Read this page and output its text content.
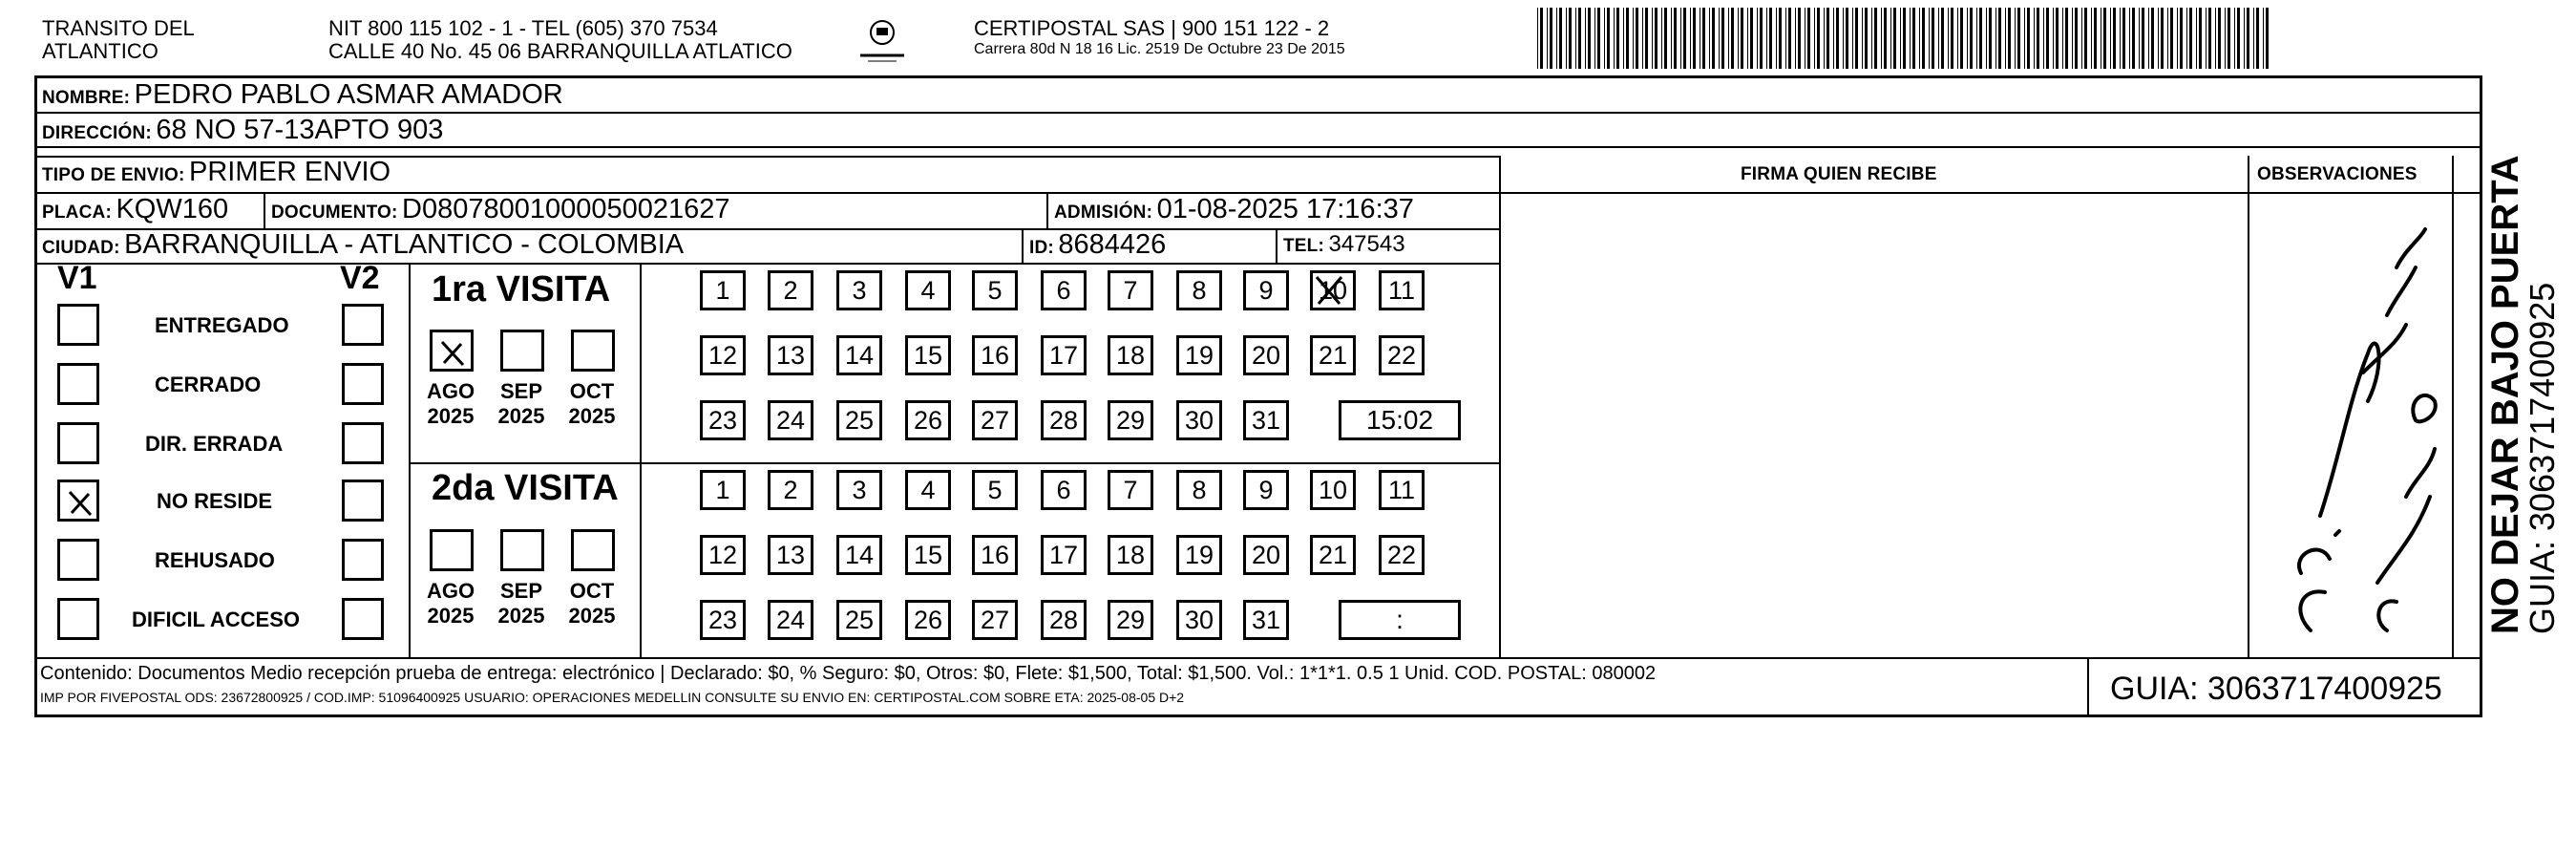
TRANSITO DEL
ATLANTICO
NIT 800 115 102 - 1 - TEL (605) 370 7534
CALLE 40 No. 45 06 BARRANQUILLA ATLATICO
CERTIPOSTAL SAS | 900 151 122 - 2
Carrera 80d N 18 16 Lic. 2519 De Octubre 23 De 2015
NOMBRE: PEDRO PABLO ASMAR AMADOR
DIRECCIÓN: 68 NO 57-13APTO 903
TIPO DE ENVIO: PRIMER ENVIO	FIRMA QUIEN RECIBE	OBSERVACIONES
PLACA: KQW160 DOCUMENTO: D08078001000050021627	ADMISIÓN: 01-08-2025 17:16:37
CIUDAD: BARRANQUILLA - ATLANTICO - COLOMBIA	ID: 8684426	TEL: 347543
V1	V2
ENTREGADO
CERRADO
DIR. ERRADA
NO RESIDE
REHUSADO
DIFICIL ACCESO
1ra VISITA
AGO
2025
SEP
2025
OCT
2025
1	2	3	4	5	6	7	8	9	10	11
12	13	14	15	16	17	18	19	20	21	22
23	24	25	26	27	28	29	30	31	15:02
2da VISITA
AGO
2025
SEP
2025
OCT
2025
1	2	3	4	5	6	7	8	9	10	11
12	13	14	15	16	17	18	19	20	21	22
23	24	25	26	27	28	29	30	31	:
Contenido: Documentos Medio recepción prueba de entrega: electrónico | Declarado: $0, % Seguro: $0, Otros: $0, Flete: $1,500, Total: $1,500. Vol.: 1*1*1. 0.5 1 Unid. COD. POSTAL: 080002
IMP POR FIVEPOSTAL ODS: 23672800925 / COD.IMP: 51096400925 USUARIO: OPERACIONES MEDELLIN CONSULTE SU ENVIO EN: CERTIPOSTAL.COM SOBRE ETA: 2025-08-05 D+2	GUIA: 3063717400925
NO DEJAR BAJO PUERTA
GUIA: 3063717400925
